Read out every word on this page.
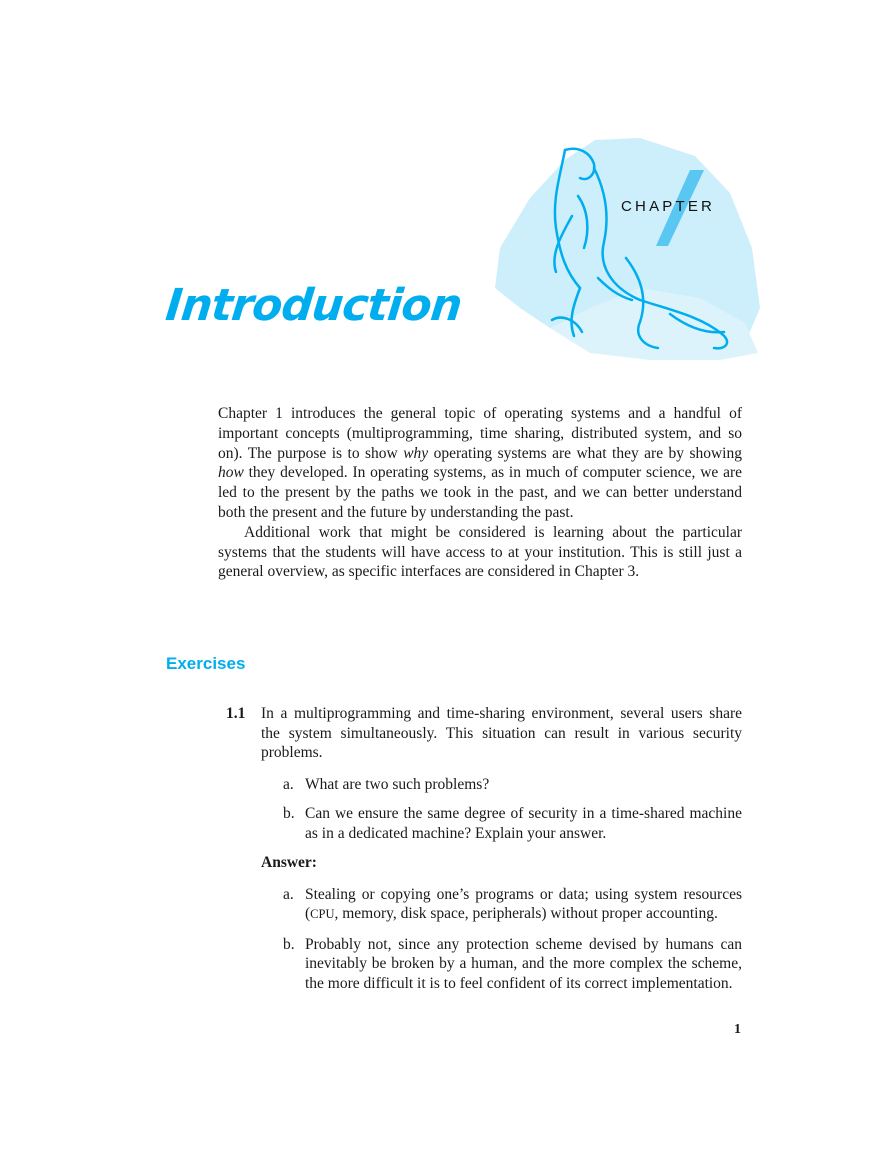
CHAPTER
Introduction

Chapter 1 introduces the general topic of operating systems and a handful of important concepts (multiprogramming, time sharing, distributed system, and so on). The purpose is to show why operating systems are what they are by showing how they developed. In operating systems, as in much of computer science, we are led to the present by the paths we took in the past, and we can better understand both the present and the future by understanding the past.

Additional work that might be considered is learning about the particular systems that the students will have access to at your institution. This is still just a general overview, as specific interfaces are considered in Chapter 3.

Exercises
1.1 In a multiprogramming and time-sharing environment, several users share the system simultaneously. This situation can result in various security problems.

a. What are two such problems?
b. Can we ensure the same degree of security in a time-shared machine as in a dedicated machine? Explain your answer.

Answer:

a. Stealing or copying one’s programs or data; using system resources (CPU, memory, disk space, peripherals) without proper accounting.
b. Probably not, since any protection scheme devised by humans can inevitably be broken by a human, and the more complex the scheme, the more difficult it is to feel confident of its correct implementation.
1
